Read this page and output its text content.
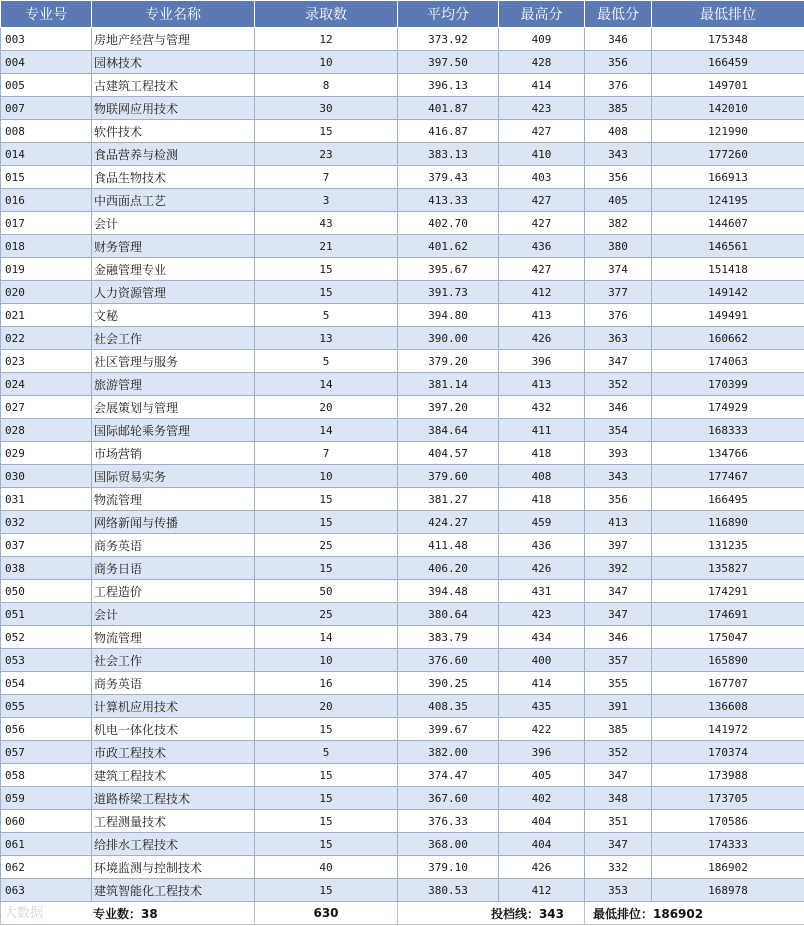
专业号	专业名称	录取数	平均分	最高分	最低分	最低排位
003	房地产经营与管理	12	373.92	409	346	175348
004	园林技术	10	397.50	428	356	166459
005	古建筑工程技术	8	396.13	414	376	149701
007	物联网应用技术	30	401.87	423	385	142010
008	软件技术	15	416.87	427	408	121990
014	食品营养与检测	23	383.13	410	343	177260
015	食品生物技术	7	379.43	403	356	166913
016	中西面点工艺	3	413.33	427	405	124195
017	会计	43	402.70	427	382	144607
018	财务管理	21	401.62	436	380	146561
019	金融管理专业	15	395.67	427	374	151418
020	人力资源管理	15	391.73	412	377	149142
021	文秘	5	394.80	413	376	149491
022	社会工作	13	390.00	426	363	160662
023	社区管理与服务	5	379.20	396	347	174063
024	旅游管理	14	381.14	413	352	170399
027	会展策划与管理	20	397.20	432	346	174929
028	国际邮轮乘务管理	14	384.64	411	354	168333
029	市场营销	7	404.57	418	393	134766
030	国际贸易实务	10	379.60	408	343	177467
031	物流管理	15	381.27	418	356	166495
032	网络新闻与传播	15	424.27	459	413	116890
037	商务英语	25	411.48	436	397	131235
038	商务日语	15	406.20	426	392	135827
050	工程造价	50	394.48	431	347	174291
051	会计	25	380.64	423	347	174691
052	物流管理	14	383.79	434	346	175047
053	社会工作	10	376.60	400	357	165890
054	商务英语	16	390.25	414	355	167707
055	计算机应用技术	20	408.35	435	391	136608
056	机电一体化技术	15	399.67	422	385	141972
057	市政工程技术	5	382.00	396	352	170374
058	建筑工程技术	15	374.47	405	347	173988
059	道路桥梁工程技术	15	367.60	402	348	173705
060	工程测量技术	15	376.33	404	351	170586
061	给排水工程技术	15	368.00	404	347	174333
062	环境监测与控制技术	40	379.10	426	332	186902
063	建筑智能化工程技术	15	380.53	412	353	168978
专业数：38		630	投档线：343		最低排位：186902	
大数据
